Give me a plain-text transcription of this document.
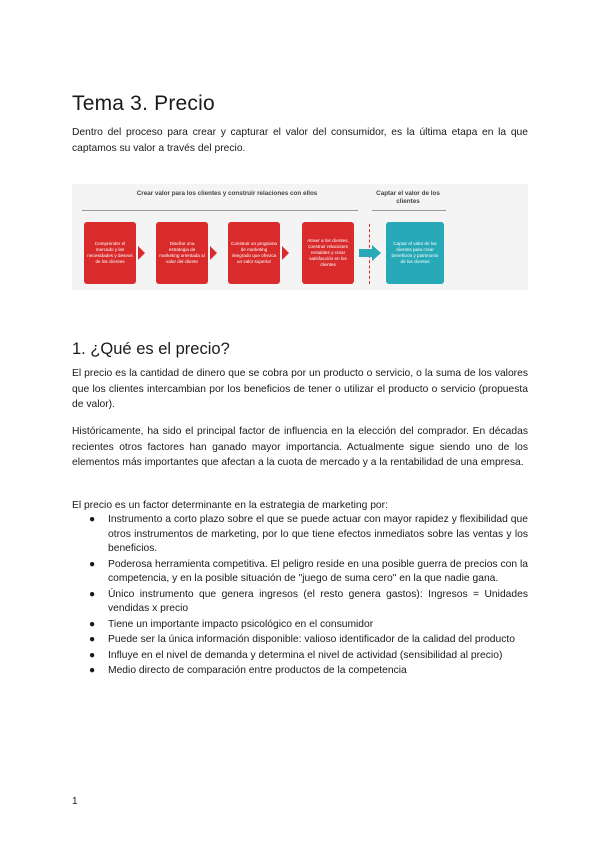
Tema 3. Precio

Dentro del proceso para crear y capturar el valor del consumidor, es la última etapa en la que captamos su valor a través del precio.

Crear valor para los clientes y construir relaciones con ellos	Captar el valor de los clientes
Comprender el mercado y las necesidades y deseos de los clientes
Diseñar una estrategia de marketing orientada al valor del cliente
Construir un programa de marketing integrado que ofrezca un valor superior
Atraer a los clientes, construir relaciones rentables y crear satisfacción en los clientes
Captar el valor de los clientes para crear beneficios y patrimonio de los clientes
1. ¿Qué es el precio?

El precio es la cantidad de dinero que se cobra por un producto o servicio, o la suma de los valores que los clientes intercambian por los beneficios de tener o utilizar el producto o servicio (propuesta de valor).

Históricamente, ha sido el principal factor de influencia en la elección del comprador. En décadas recientes otros factores han ganado mayor importancia. Actualmente sigue siendo uno de los elementos más importantes que afectan a la cuota de mercado y a la rentabilidad de una empresa.

El precio es un factor determinante en la estrategia de marketing por:

● Instrumento a corto plazo sobre el que se puede actuar con mayor rapidez y flexibilidad que otros instrumentos de marketing, por lo que tiene efectos inmediatos sobre las ventas y los beneficios.
● Poderosa herramienta competitiva. El peligro reside en una posible guerra de precios con la competencia, y en la posible situación de "juego de suma cero" en la que nadie gana.
● Único instrumento que genera ingresos (el resto genera gastos): Ingresos = Unidades vendidas x precio
● Tiene un importante impacto psicológico en el consumidor
● Puede ser la única información disponible: valioso identificador de la calidad del producto
● Influye en el nivel de demanda y determina el nivel de actividad (sensibilidad al precio)
● Medio directo de comparación entre productos de la competencia
1
